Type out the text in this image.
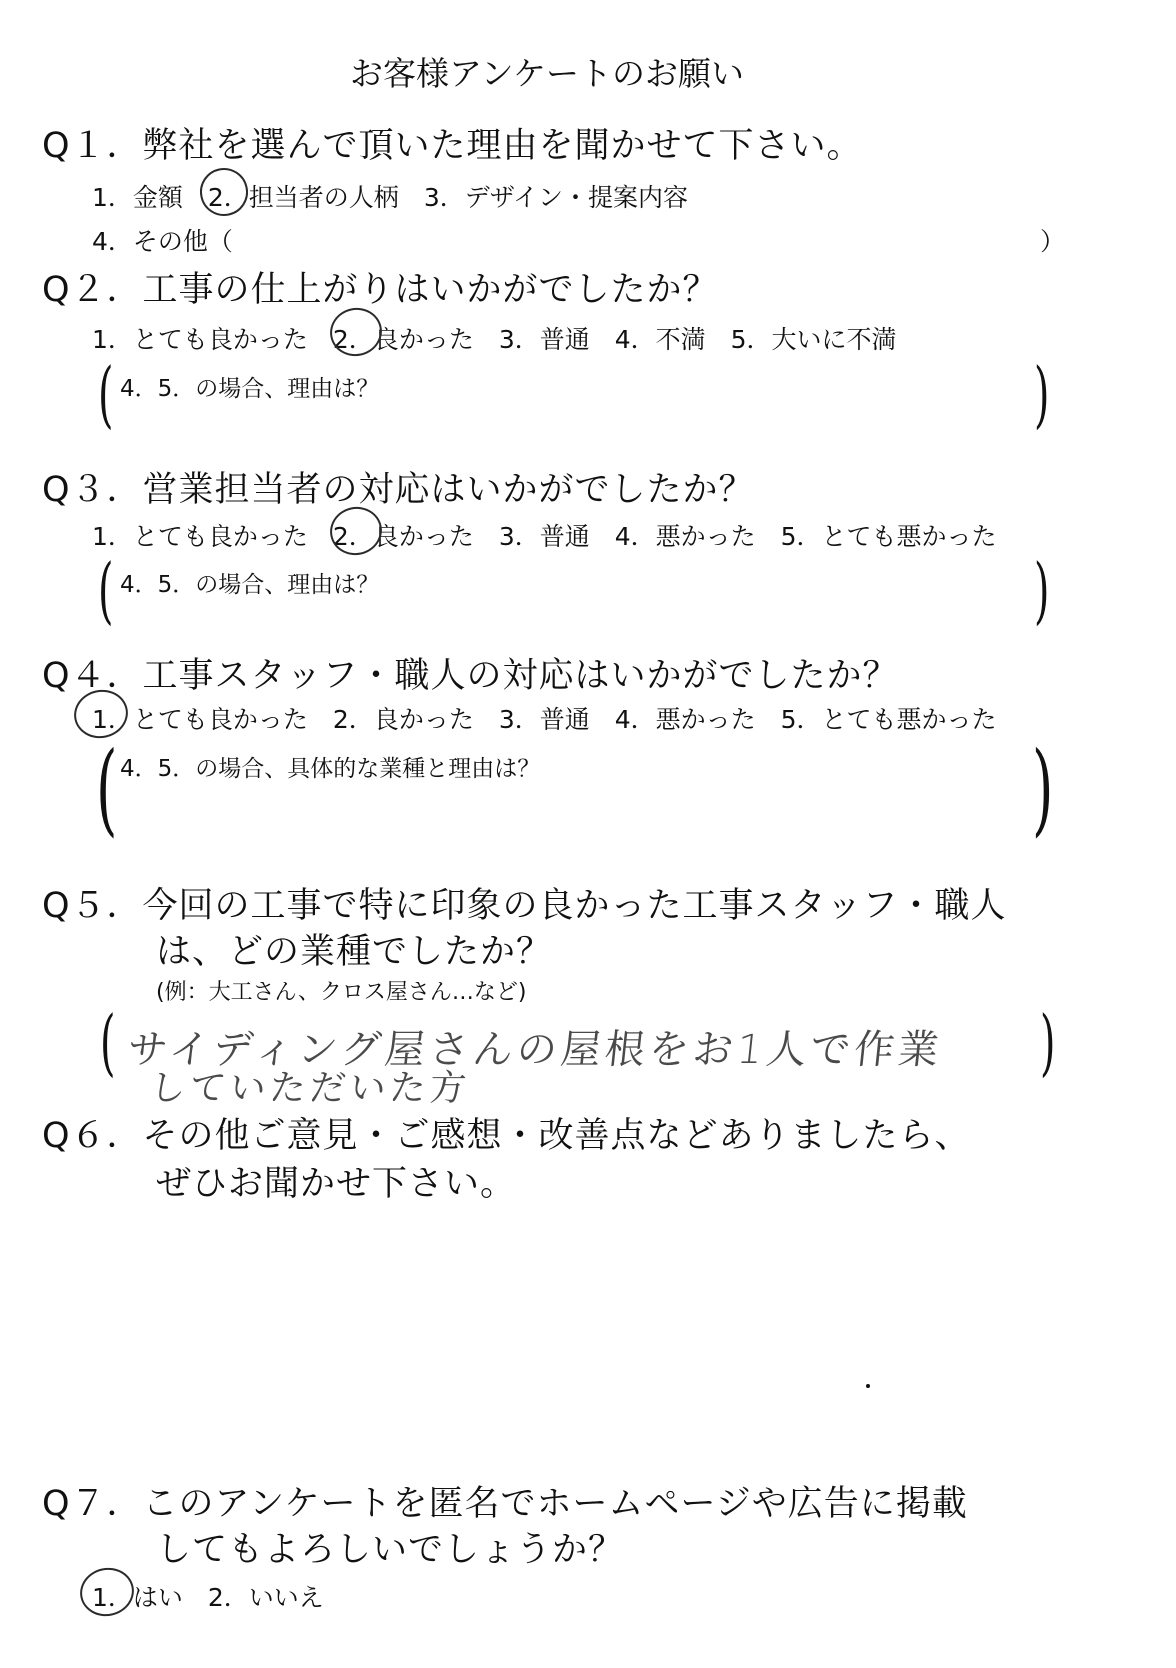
お客様アンケートのお願い
Q１．弊社を選んで頂いた理由を聞かせて下さい。
1．金額　2．担当者の人柄　3．デザイン・提案内容
4．その他（	）
Q２．工事の仕上がりはいかがでしたか？
1．とても良かった　2．良かった　3．普通　4．不満　5．大いに不満
( 4．5．の場合、理由は？	)
Q３．営業担当者の対応はいかがでしたか？
1．とても良かった　2．良かった　3．普通　4．悪かった　5．とても悪かった
( 4．5．の場合、理由は？	)
Q４．工事スタッフ・職人の対応はいかがでしたか？
1．とても良かった　2．良かった　3．普通　4．悪かった　5．とても悪かった
( 4．5．の場合、具体的な業種と理由は？	)
Q５．今回の工事で特に印象の良かった工事スタッフ・職人
は、どの業種でしたか？
(例：大工さん、クロス屋さん…など)
( サイディング屋さんの屋根をお1人で作業
していただいた方
)
Q６．その他ご意見・ご感想・改善点などありましたら、
ぜひお聞かせ下さい。
Q７．このアンケートを匿名でホームページや広告に掲載
してもよろしいでしょうか？
1．はい　2．いいえ
